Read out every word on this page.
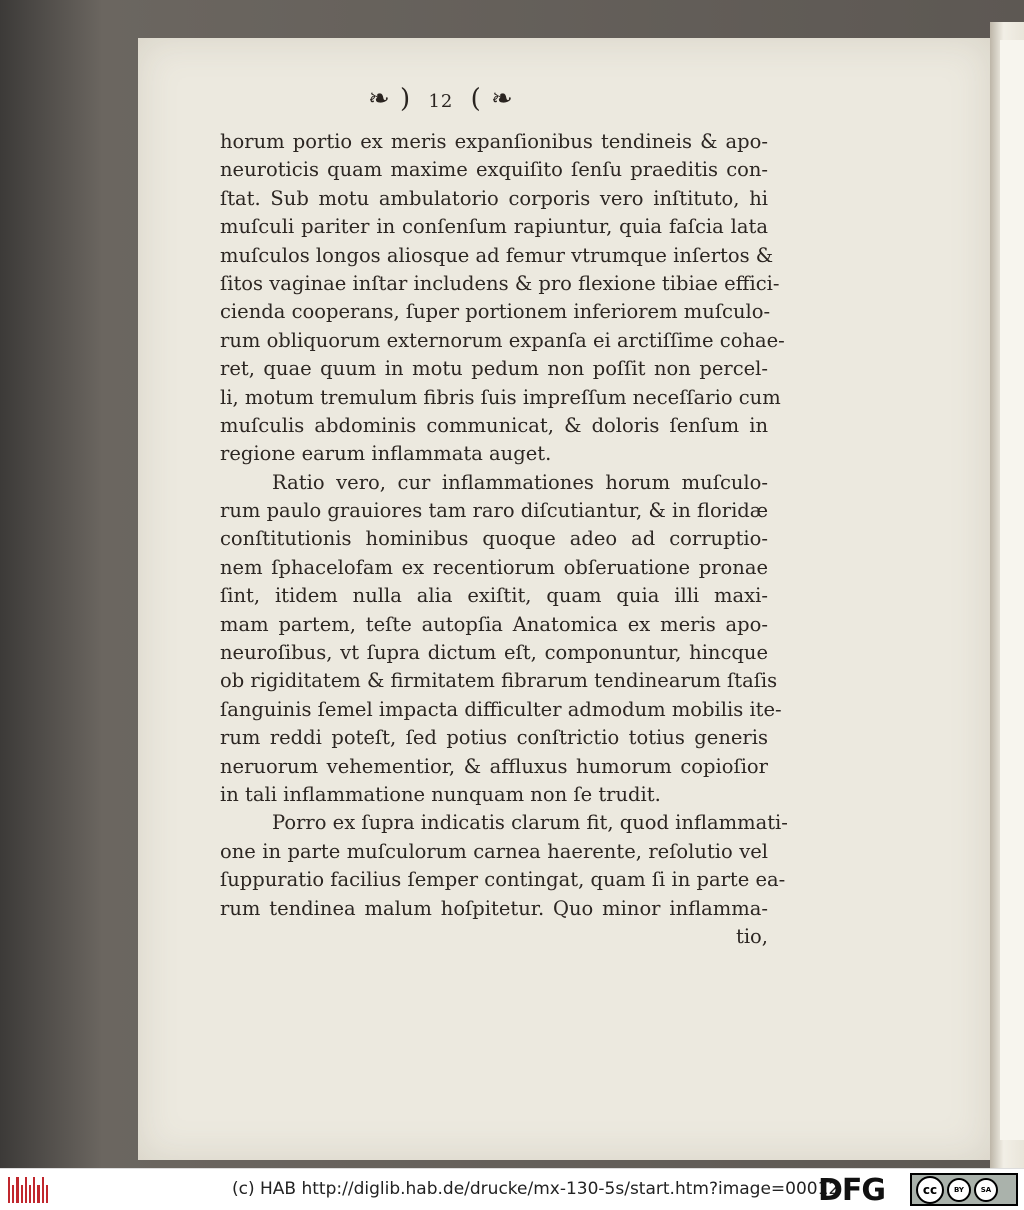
❧ ) 12 ( ❧
horum portio ex meris expanſionibus tendineis & apo-
neuroticis quam maxime exquiſito ſenſu praeditis con-
ſtat. Sub motu ambulatorio corporis vero inſtituto, hi
muſculi pariter in conſenſum rapiuntur, quia faſcia lata
muſculos longos aliosque ad femur vtrumque inſertos &
ſitos vaginae inſtar includens & pro flexione tibiae effici-
cienda cooperans, ſuper portionem inferiorem muſculo-
rum obliquorum externorum expanſa ei arctiſſime cohae-
ret, quae quum in motu pedum non poſſit non percel-
li, motum tremulum fibris ſuis impreſſum neceſſario cum
muſculis abdominis communicat, & doloris ſenſum in
regione earum inflammata auget.
Ratio vero, cur inflammationes horum muſculo-
rum paulo grauiores tam raro diſcutiantur, & in floridæ
conſtitutionis hominibus quoque adeo ad corruptio-
nem ſphacelofam ex recentiorum obſeruatione pronae
ſint, itidem nulla alia exiſtit, quam quia illi maxi-
mam partem, teſte autopſia Anatomica ex meris apo-
neuroſibus, vt ſupra dictum eſt, componuntur, hincque
ob rigiditatem & firmitatem fibrarum tendinearum ſtaſis
ſanguinis ſemel impacta difficulter admodum mobilis ite-
rum reddi poteſt, ſed potius conſtrictio totius generis
neruorum vehementior, & affluxus humorum copioſior
in tali inflammatione nunquam non ſe trudit.
Porro ex ſupra indicatis clarum fit, quod inflammati-
one in parte muſculorum carnea haerente, reſolutio vel
ſuppuratio facilius ſemper contingat, quam ſi in parte ea-
rum tendinea malum hoſpitetur. Quo minor inflamma-
tio,
(c) HAB http://diglib.hab.de/drucke/mx-130-5s/start.htm?image=00012
DFG	cc	BY SA
